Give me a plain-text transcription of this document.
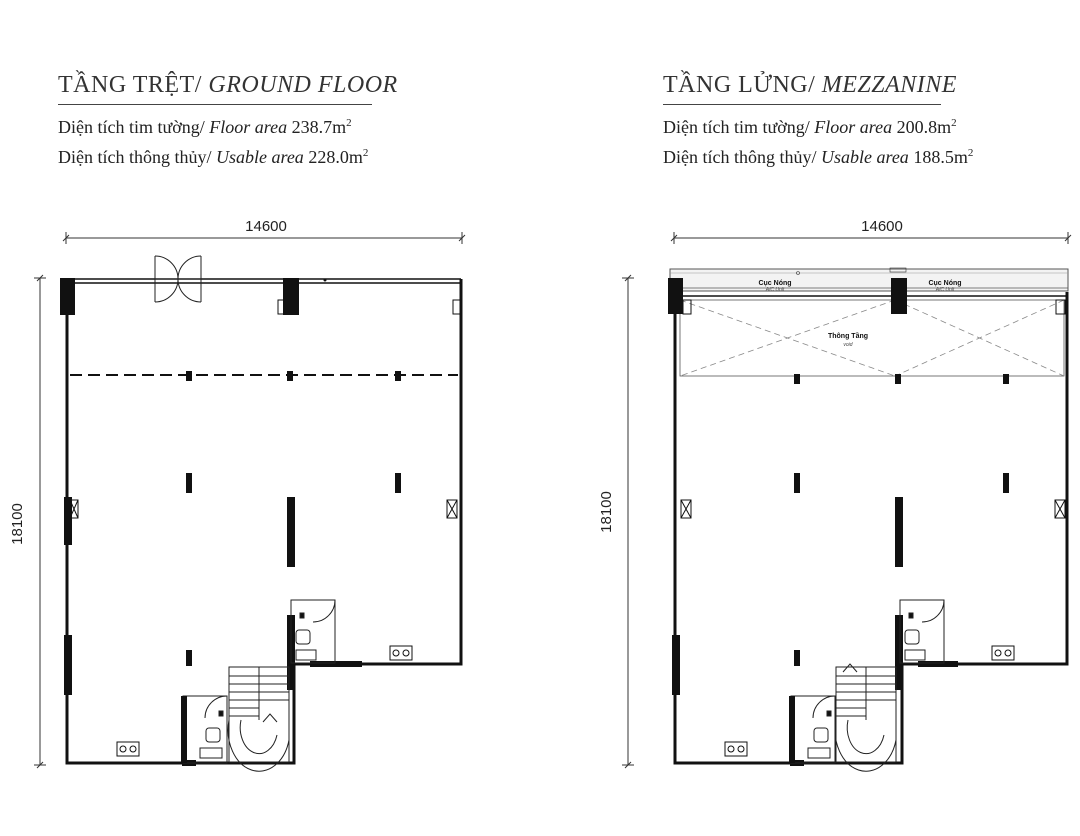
TẦNG TRỆT/ GROUND FLOOR
Diện tích tim tường/ Floor area $238.7m^2$
Diện tích thông thủy/ Usable area $228.0m^2$
TẦNG LỬNG/ MEZZANINE
Diện tích tim tường/ Floor area $200.8m^2$
Diện tích thông thủy/ Usable area $188.5m^2$
14600
18100
14600
18100
Cục Nóng
A/C Unit
Cục Nóng
A/C Unit
Thông Tầng
void
